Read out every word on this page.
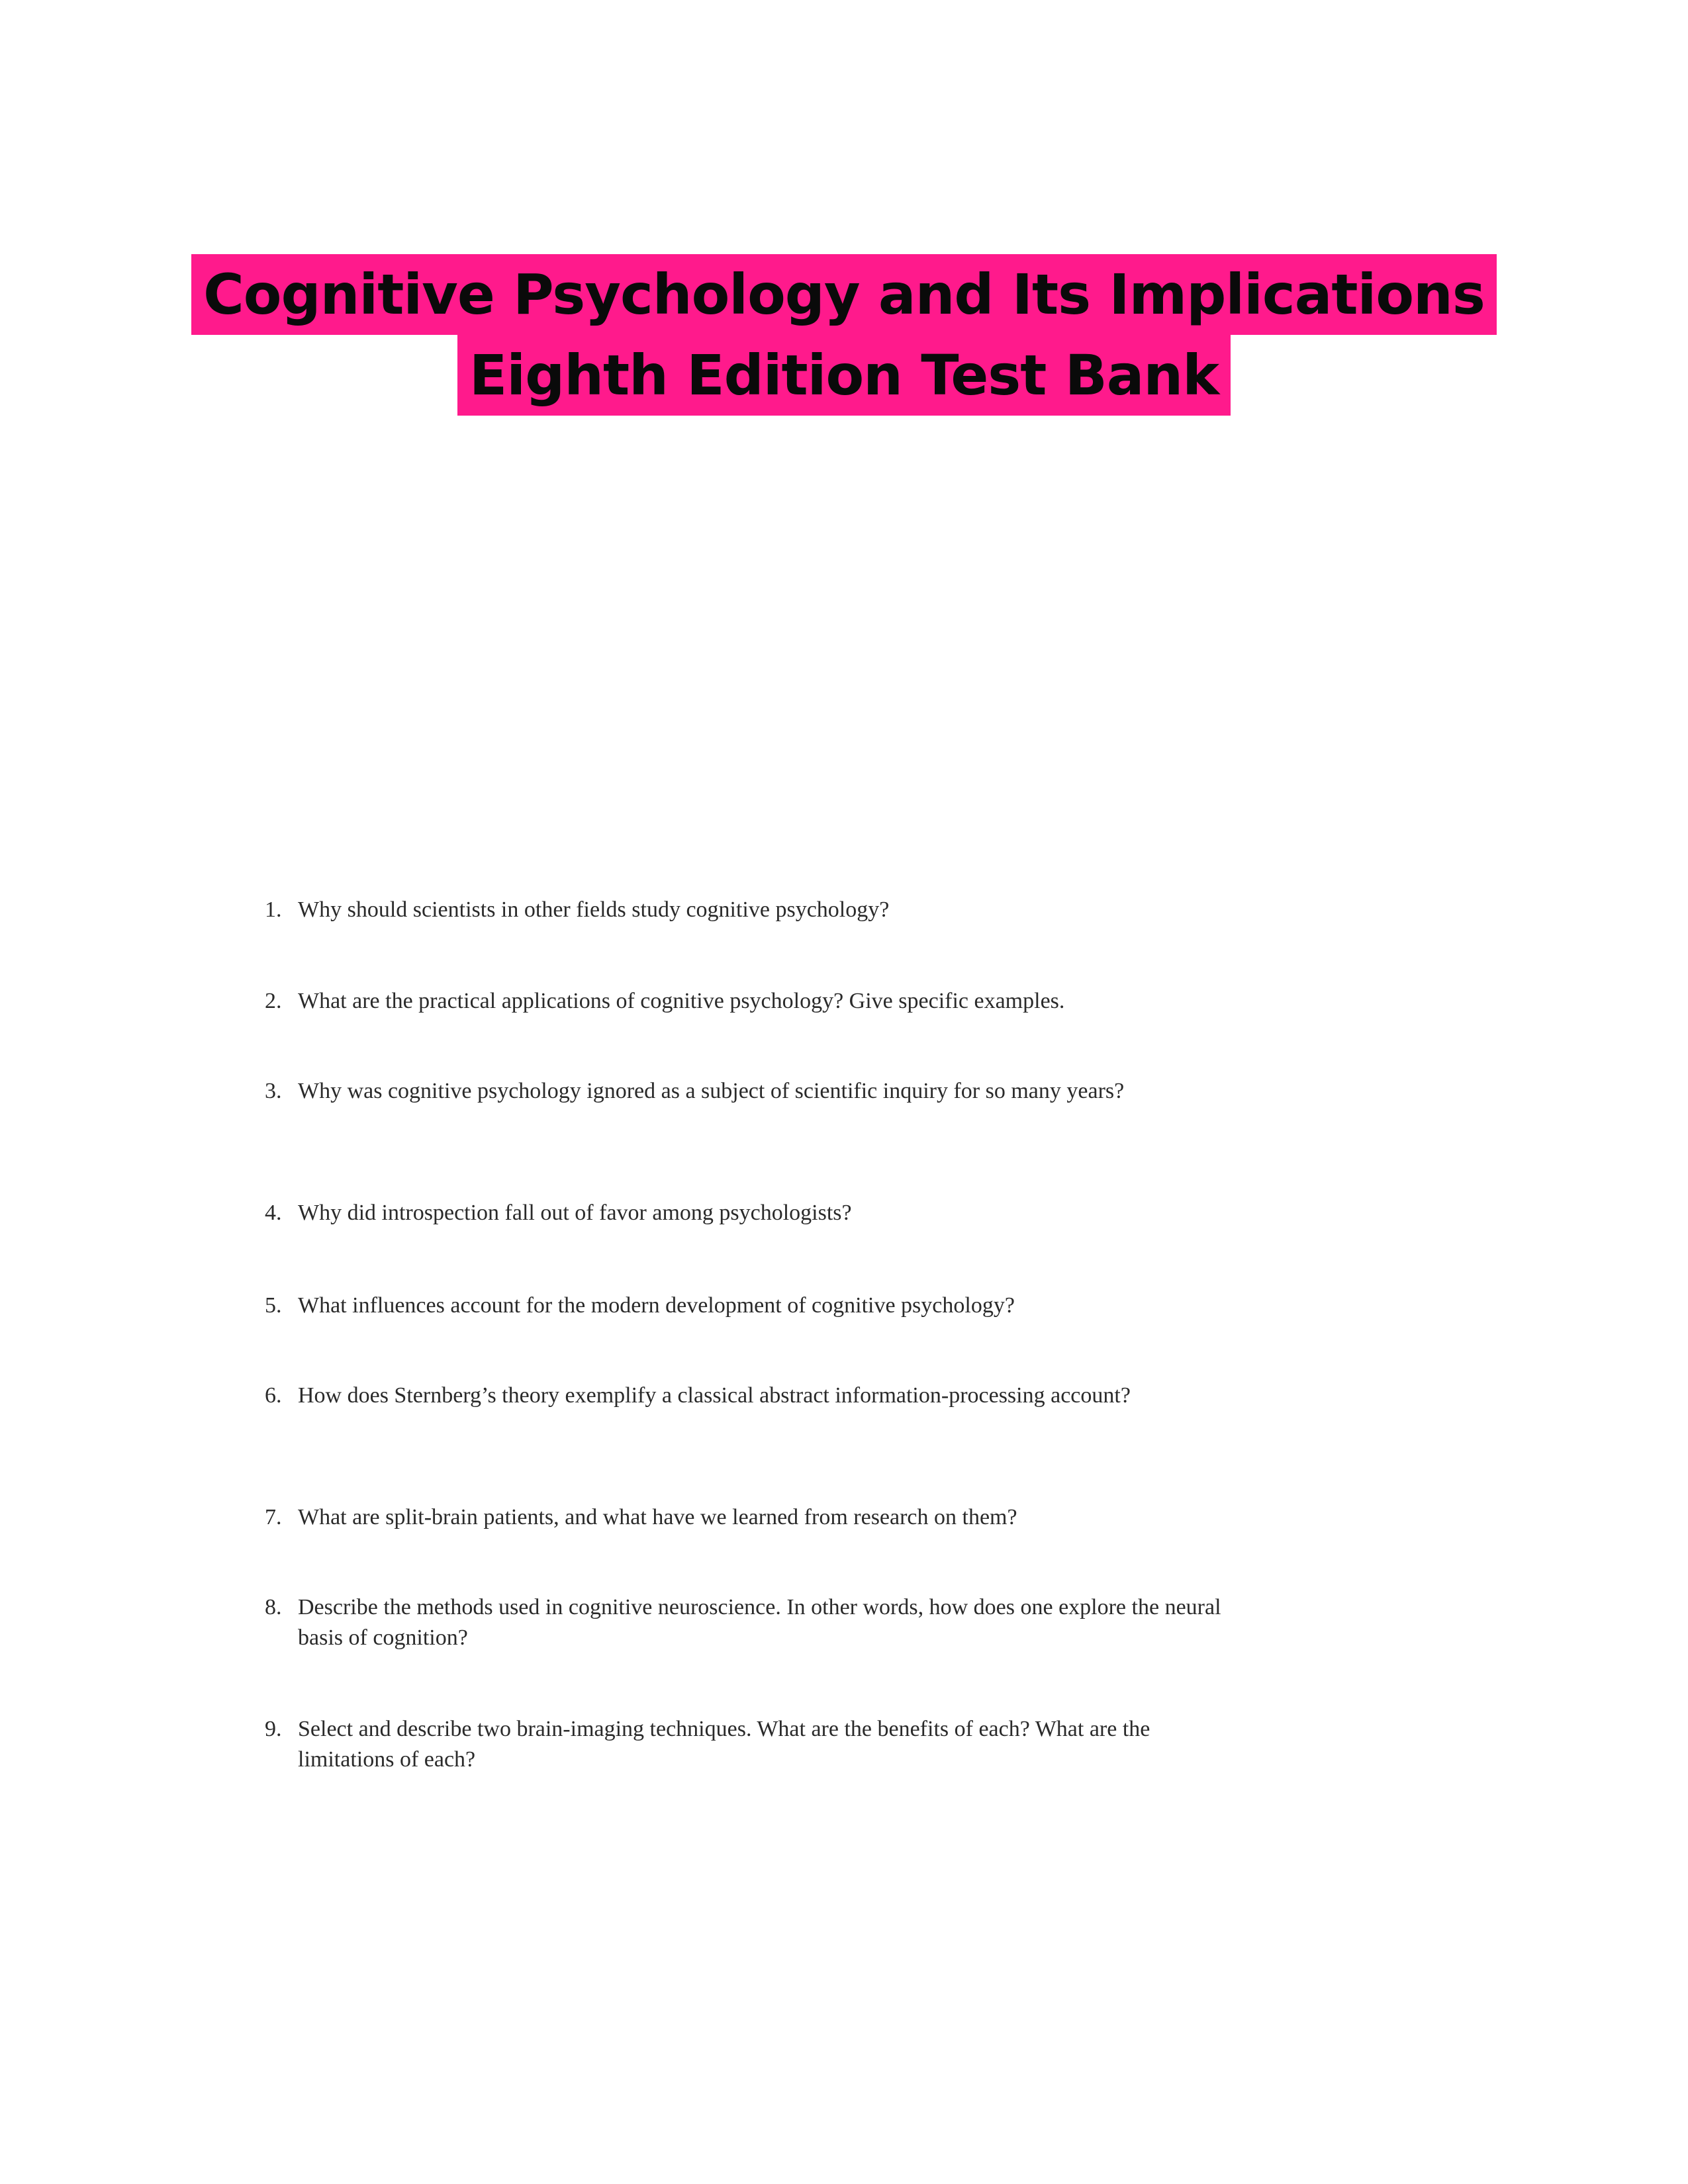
Cognitive Psychology and Its Implications
Eighth Edition Test Bank
1. Why should scientists in other fields study cognitive psychology?
2. What are the practical applications of cognitive psychology? Give specific examples.
3. Why was cognitive psychology ignored as a subject of scientific inquiry for so many years?
4. Why did introspection fall out of favor among psychologists?
5. What influences account for the modern development of cognitive psychology?
6. How does Sternberg’s theory exemplify a classical abstract information-processing account?
7. What are split-brain patients, and what have we learned from research on them?
8. Describe the methods used in cognitive neuroscience. In other words, how does one explore the neural basis of cognition?
9. Select and describe two brain-imaging techniques. What are the benefits of each? What are the limitations of each?
